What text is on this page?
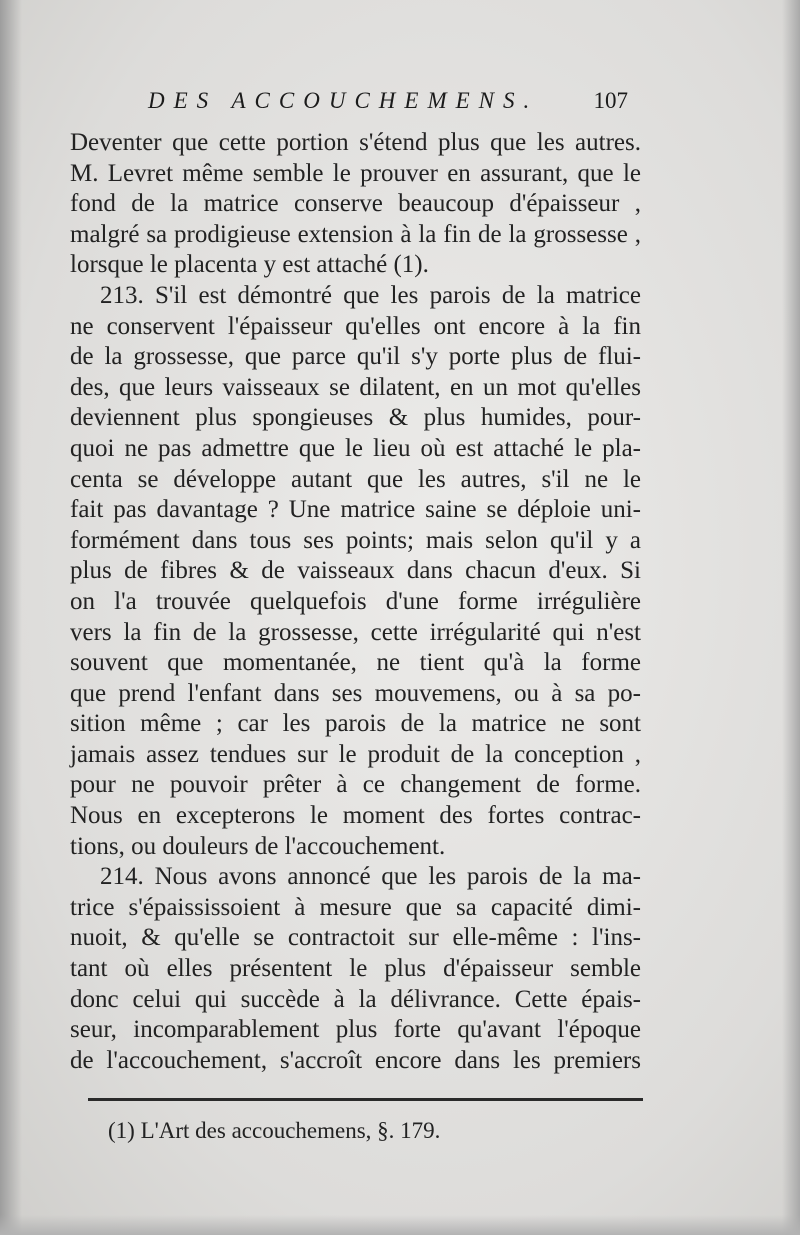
DES ACCOUCHEMENS. 107
Deventer que cette portion s'étend plus que les autres.
M. Levret même semble le prouver en assurant, que le
fond de la matrice conserve beaucoup d'épaisseur ,
malgré sa prodigieuse extension à la fin de la grossesse ,
lorsque le placenta y est attaché (1).
213. S'il est démontré que les parois de la matrice
ne conservent l'épaisseur qu'elles ont encore à la fin
de la grossesse, que parce qu'il s'y porte plus de flui-
des, que leurs vaisseaux se dilatent, en un mot qu'elles
deviennent plus spongieuses & plus humides, pour-
quoi ne pas admettre que le lieu où est attaché le pla-
centa se développe autant que les autres, s'il ne le
fait pas davantage ? Une matrice saine se déploie uni-
formément dans tous ses points; mais selon qu'il y a
plus de fibres & de vaisseaux dans chacun d'eux. Si
on l'a trouvée quelquefois d'une forme irrégulière
vers la fin de la grossesse, cette irrégularité qui n'est
souvent que momentanée, ne tient qu'à la forme
que prend l'enfant dans ses mouvemens, ou à sa po-
sition même ; car les parois de la matrice ne sont
jamais assez tendues sur le produit de la conception ,
pour ne pouvoir prêter à ce changement de forme.
Nous en excepterons le moment des fortes contrac-
tions, ou douleurs de l'accouchement.
214. Nous avons annoncé que les parois de la ma-
trice s'épaississoient à mesure que sa capacité dimi-
nuoit, & qu'elle se contractoit sur elle-même : l'ins-
tant où elles présentent le plus d'épaisseur semble
donc celui qui succède à la délivrance. Cette épais-
seur, incomparablement plus forte qu'avant l'époque
de l'accouchement, s'accroît encore dans les premiers
(1) L'Art des accouchemens, §. 179.
